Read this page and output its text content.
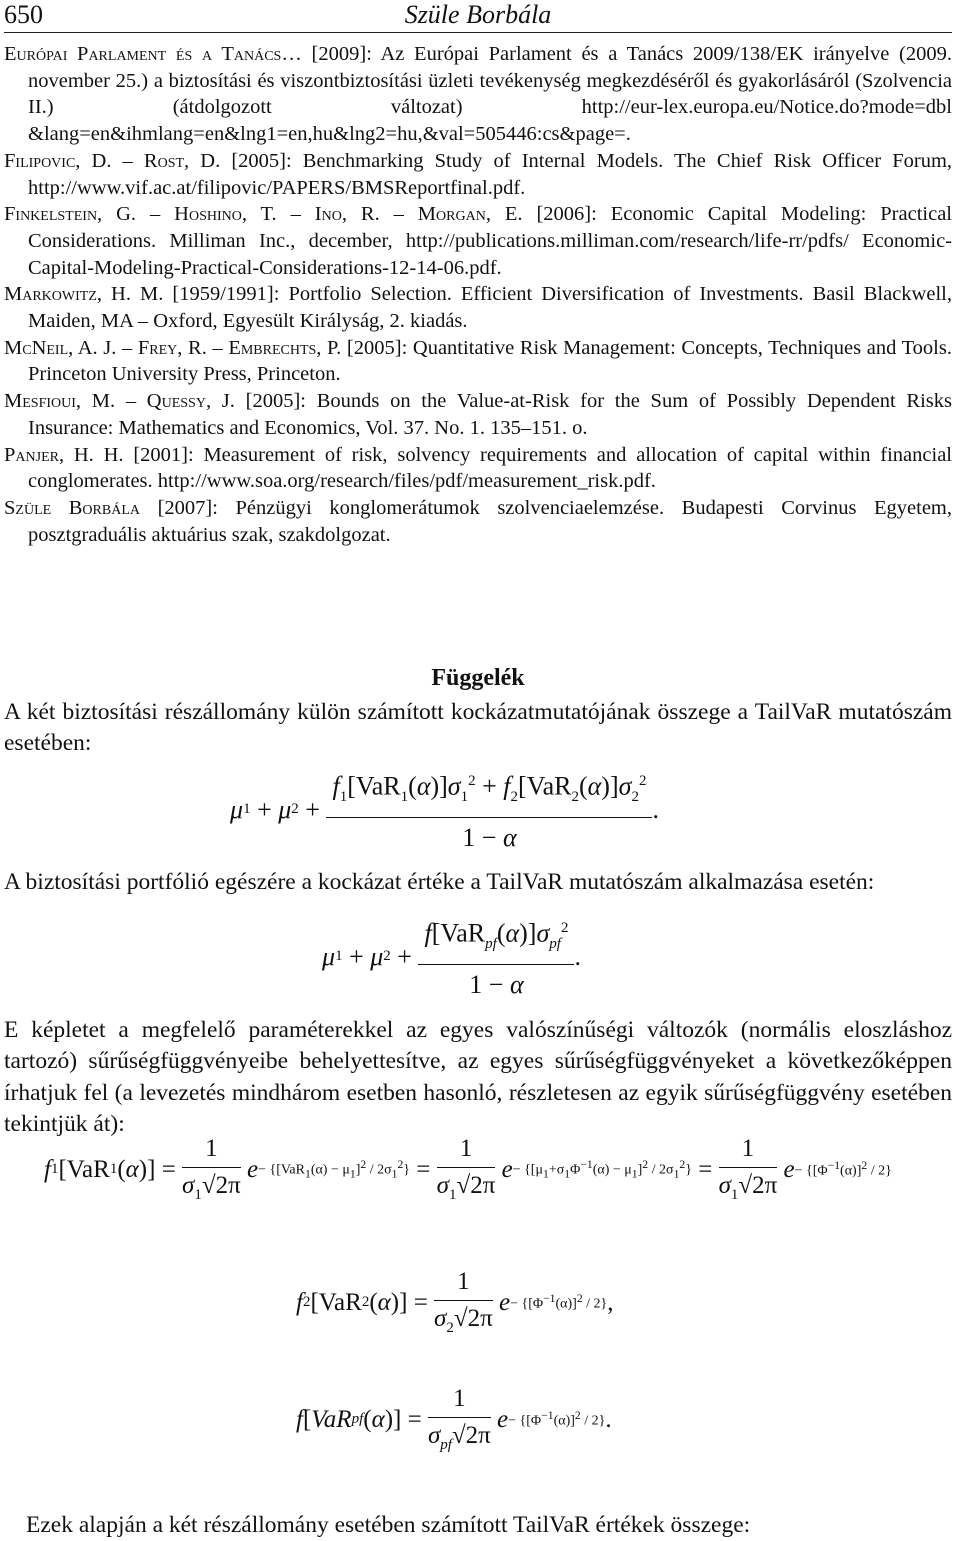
650	Szüle Borbála
Európai Parlament és a Tanács… [2009]: Az Európai Parlament és a Tanács 2009/138/EK irányelve (2009. november 25.) a biztosítási és viszontbiztosítási üzleti tevékenység megkezdéséről és gyakorlásáról (Szolvencia II.) (átdolgozott változat) http://eur-lex.europa.eu/Notice.do?mode=dbl &lang=en&ihmlang=en&lng1=en,hu&lng2=hu,&val=505446:cs&page=.
Filipovic, D. – Rost, D. [2005]: Benchmarking Study of Internal Models. The Chief Risk Officer Forum, http://www.vif.ac.at/filipovic/PAPERS/BMSReportfinal.pdf.
Finkelstein, G. – Hoshino, T. – Ino, R. – Morgan, E. [2006]: Economic Capital Modeling: Practical Considerations. Milliman Inc., december, http://publications.milliman.com/research/life-rr/pdfs/ Economic-Capital-Modeling-Practical-Considerations-12-14-06.pdf.
Markowitz, H. M. [1959/1991]: Portfolio Selection. Efficient Diversification of Investments. Basil Blackwell, Maiden, MA – Oxford, Egyesült Királyság, 2. kiadás.
McNeil, A. J. – Frey, R. – Embrechts, P. [2005]: Quantitative Risk Management: Concepts, Techniques and Tools. Princeton University Press, Princeton.
Mesfioui, M. – Quessy, J. [2005]: Bounds on the Value-at-Risk for the Sum of Possibly Dependent Risks Insurance: Mathematics and Economics, Vol. 37. No. 1. 135–151. o.
Panjer, H. H. [2001]: Measurement of risk, solvency requirements and allocation of capital within financial conglomerates. http://www.soa.org/research/files/pdf/measurement_risk.pdf.
Szüle Borbála [2007]: Pénzügyi konglomerátumok szolvenciaelemzése. Budapesti Corvinus Egyetem, posztgraduális aktuárius szak, szakdolgozat.
Függelék
A két biztosítási részállomány külön számított kockázatmutatójának összege a TailVaR mutatószám esetében:
μ 1 + μ $2 + \frac{f_1[VaR_1(\alpha)]\sigma_1^2 + f_2[VaR_2(\alpha)]\sigma_2^2}{1 - \alpha}$ .
A biztosítási portfólió egészére a kockázat értéke a TailVaR mutatószám alkalmazása esetén:
μ 1 + μ $2 + \frac{f[VaR_{pf}(\alpha)]\sigma_{pf}^2}{1 - \alpha}$ .
E képletet a megfelelő paraméterekkel az egyes valószínűségi változók (normális eloszláshoz tartozó) sűrűségfüggvényeibe behelyettesítve, az egyes sűrűségfüggvényeket a következőképpen írhatjuk fel (a levezetés mindhárom esetben hasonló, részletesen az egyik sűrűségfüggvény esetében tekintjük át):
f 1 [VaR 1 ( α )] = $\frac{1}{\sigma_1√2\pi}$ $e - \{[VaR_1(\alpha) - \mu_1]^2 / 2\sigma_1^2\} = \frac{1}{\sigma_1√2\pi}$ $e - \{[\mu_1+\sigma_1\Phi^{-1}(\alpha) - \mu_1]^2 / 2\sigma_1^2\} = \frac{1}{\sigma_1√2\pi}$ $e - \{[\Phi^{-1}(\alpha)]^2 / 2\}$
f 2 [VaR 2 ( α )] = $\frac{1}{\sigma_2√2\pi}$ $e - \{[\Phi^{-1}(\alpha)]^2 / 2\}$ ,
f [ VaR pf ( α )] = $\frac{1}{\sigma_{pf}√2\pi}$ $e - \{[\Phi^{-1}(\alpha)]^2 / 2\}$ .
Ezek alapján a két részállomány esetében számított TailVaR értékek összege:
